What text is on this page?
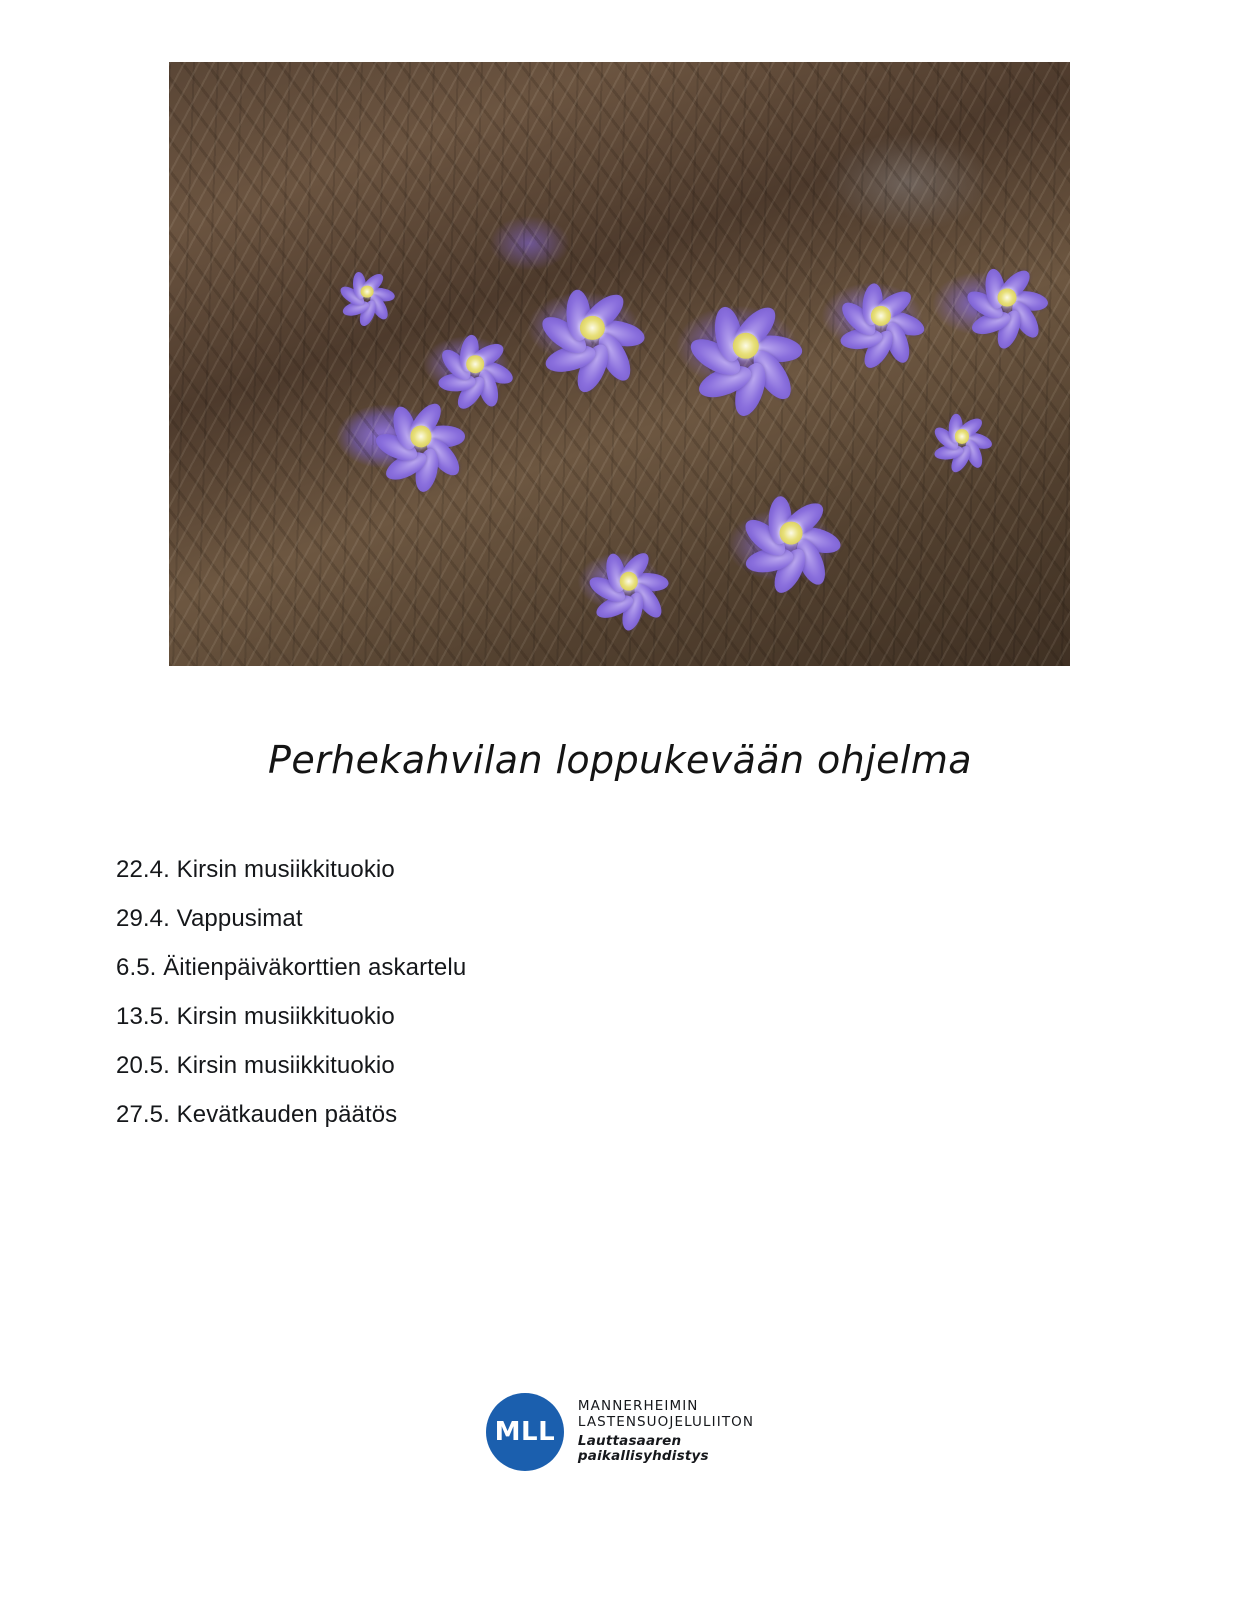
Perhekahvilan loppukevään ohjelma
22.4. Kirsin musiikkituokio
29.4. Vappusimat
6.5. Äitienpäiväkorttien askartelu
13.5. Kirsin musiikkituokio
20.5. Kirsin musiikkituokio
27.5. Kevätkauden päätös
MLL
MANNERHEIMIN
LASTENSUOJELULIITON
Lauttasaaren
paikallisyhdistys
